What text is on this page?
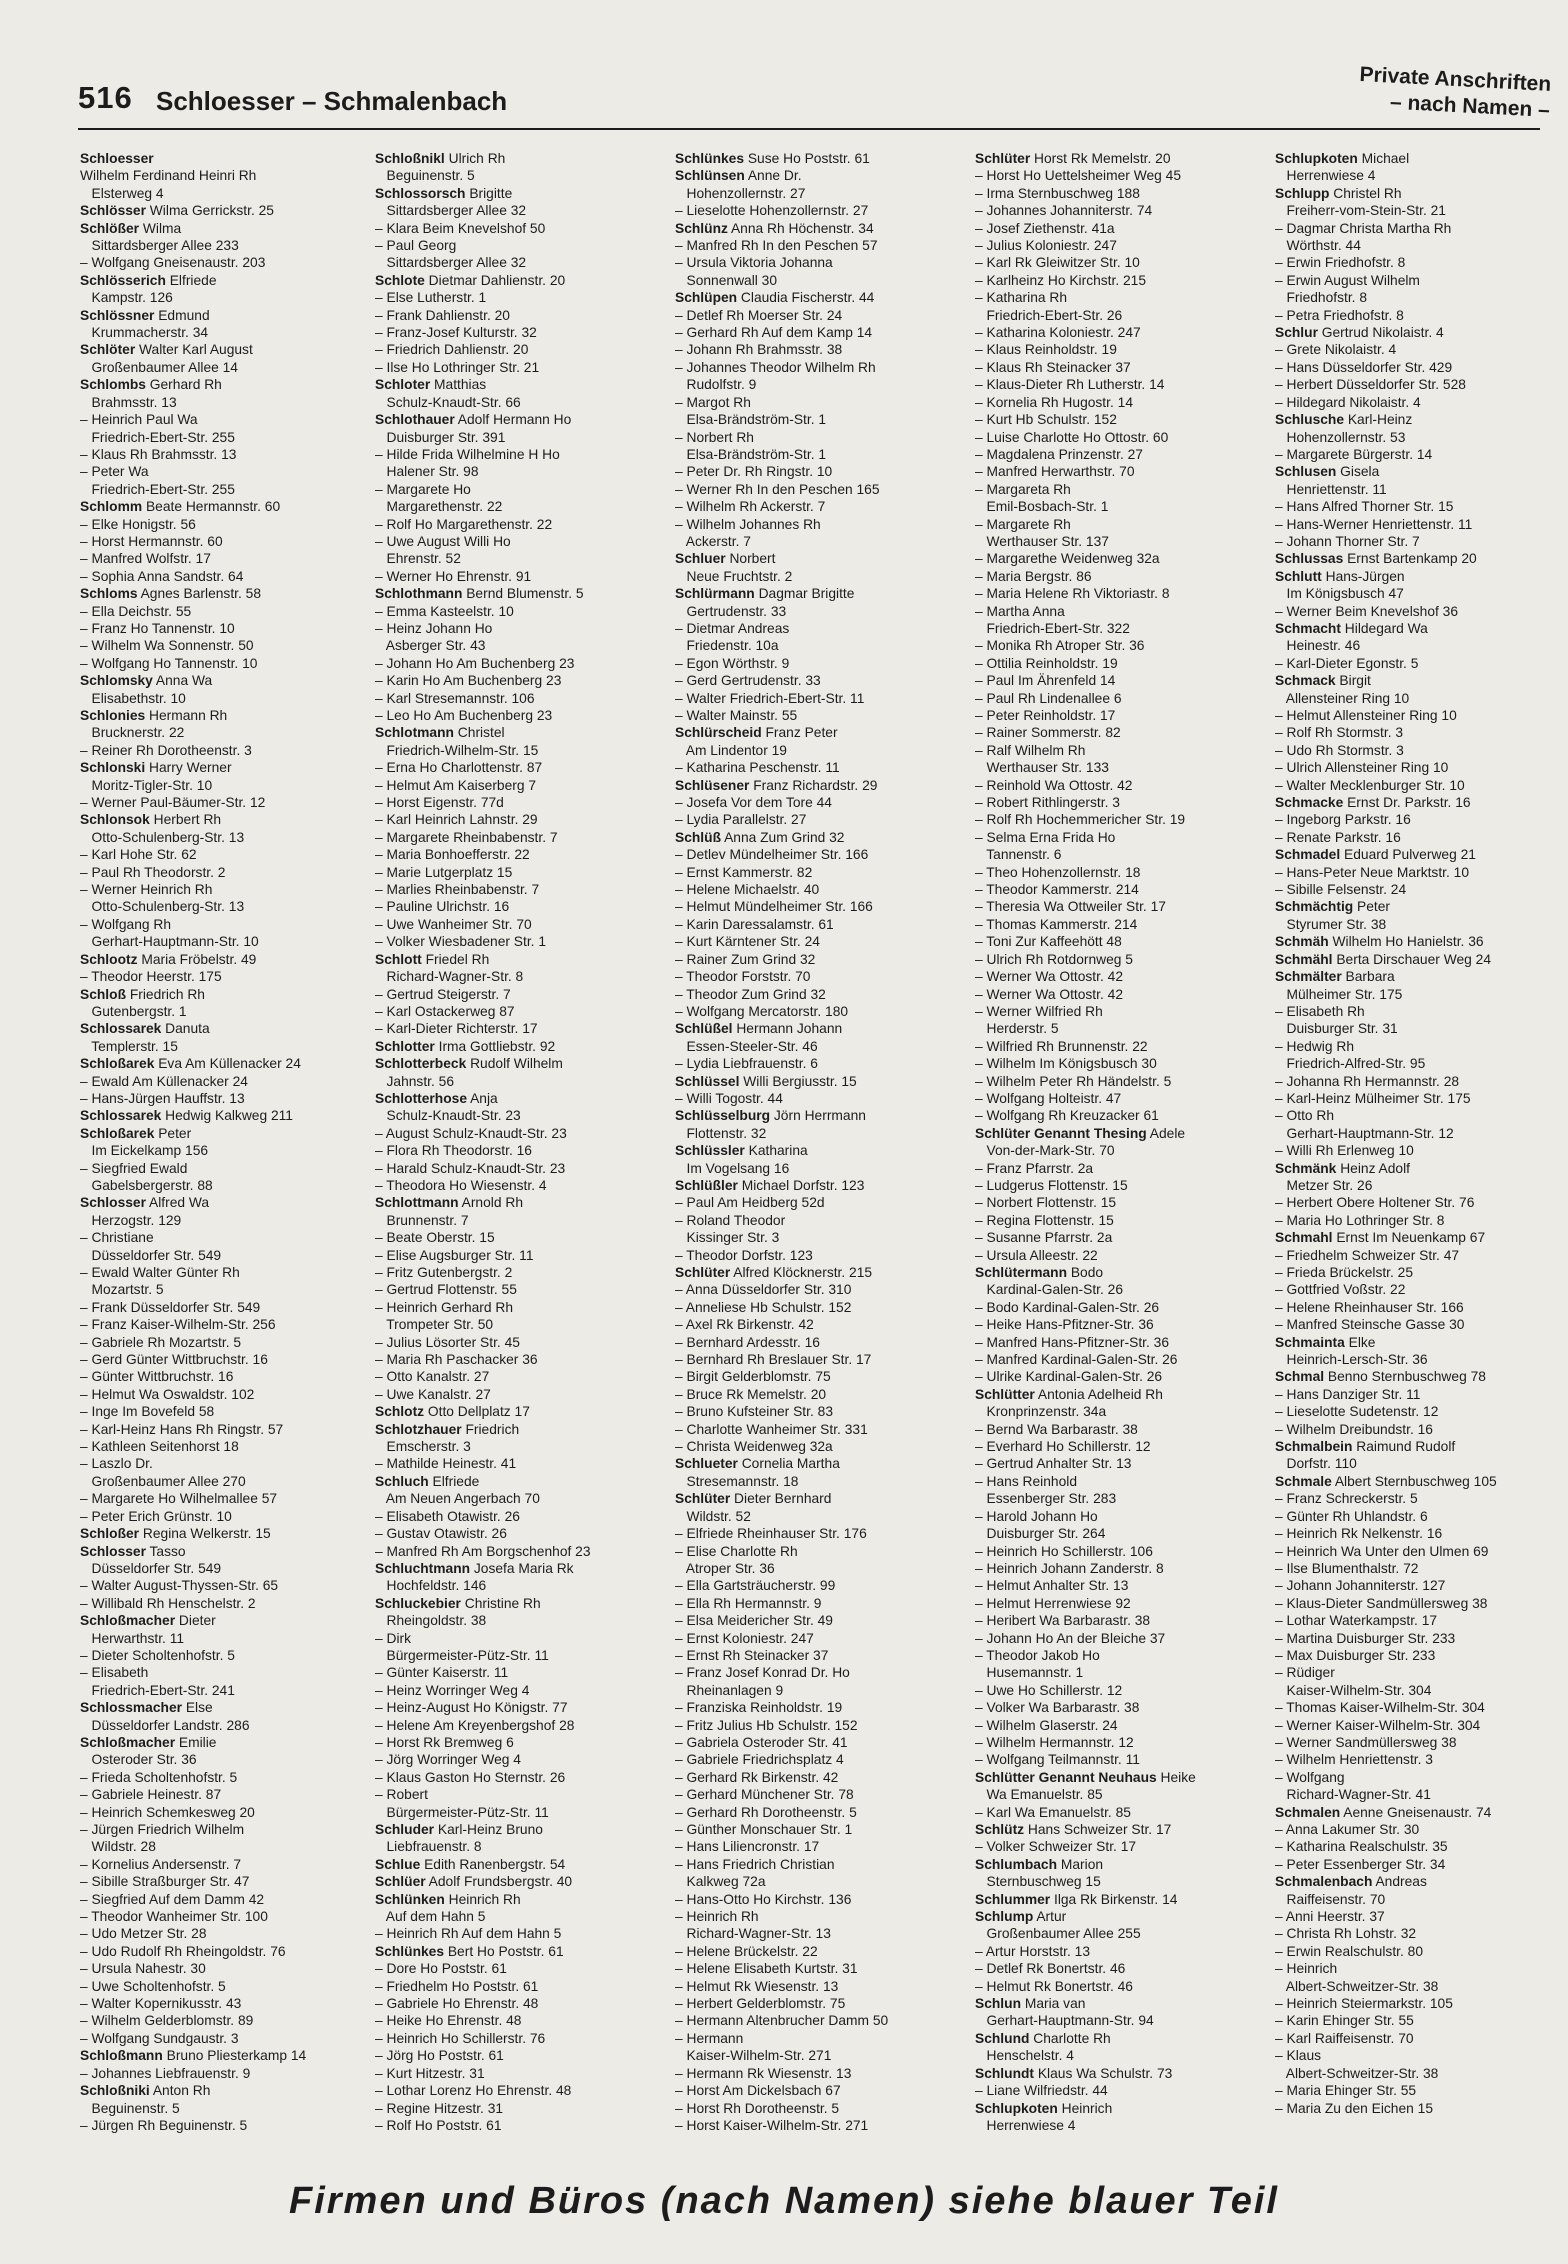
516 Schloesser – Schmalenbach
Private Anschriften
– nach Namen –
Schloesser
Wilhelm Ferdinand Heinri Rh
Elsterweg 4
Schlösser Wilma Gerrickstr. 25
Schlößer Wilma
Sittardsberger Allee 233
– Wolfgang Gneisenaustr. 203
Schlösserich Elfriede
Kampstr. 126
Schlössner Edmund
Krummacherstr. 34
Schlöter Walter Karl August
Großenbaumer Allee 14
Schlombs Gerhard Rh
Brahmsstr. 13
– Heinrich Paul Wa
Friedrich-Ebert-Str. 255
– Klaus Rh Brahmsstr. 13
– Peter Wa
Friedrich-Ebert-Str. 255
Schlomm Beate Hermannstr. 60
– Elke Honigstr. 56
– Horst Hermannstr. 60
– Manfred Wolfstr. 17
– Sophia Anna Sandstr. 64
Schloms Agnes Barlenstr. 58
– Ella Deichstr. 55
– Franz Ho Tannenstr. 10
– Wilhelm Wa Sonnenstr. 50
– Wolfgang Ho Tannenstr. 10
Schlomsky Anna Wa
Elisabethstr. 10
Schlonies Hermann Rh
Brucknerstr. 22
– Reiner Rh Dorotheenstr. 3
Schlonski Harry Werner
Moritz-Tigler-Str. 10
– Werner Paul-Bäumer-Str. 12
Schlonsok Herbert Rh
Otto-Schulenberg-Str. 13
– Karl Hohe Str. 62
– Paul Rh Theodorstr. 2
– Werner Heinrich Rh
Otto-Schulenberg-Str. 13
– Wolfgang Rh
Gerhart-Hauptmann-Str. 10
Schlootz Maria Fröbelstr. 49
– Theodor Heerstr. 175
Schloß Friedrich Rh
Gutenbergstr. 1
Schlossarek Danuta
Templerstr. 15
Schloßarek Eva Am Küllenacker 24
– Ewald Am Küllenacker 24
– Hans-Jürgen Hauffstr. 13
Schlossarek Hedwig Kalkweg 211
Schloßarek Peter
Im Eickelkamp 156
– Siegfried Ewald
Gabelsbergerstr. 88
Schlosser Alfred Wa
Herzogstr. 129
– Christiane
Düsseldorfer Str. 549
– Ewald Walter Günter Rh
Mozartstr. 5
– Frank Düsseldorfer Str. 549
– Franz Kaiser-Wilhelm-Str. 256
– Gabriele Rh Mozartstr. 5
– Gerd Günter Wittbruchstr. 16
– Günter Wittbruchstr. 16
– Helmut Wa Oswaldstr. 102
– Inge Im Bovefeld 58
– Karl-Heinz Hans Rh Ringstr. 57
– Kathleen Seitenhorst 18
– Laszlo Dr.
Großenbaumer Allee 270
– Margarete Ho Wilhelmallee 57
– Peter Erich Grünstr. 10
Schloßer Regina Welkerstr. 15
Schlosser Tasso
Düsseldorfer Str. 549
– Walter August-Thyssen-Str. 65
– Willibald Rh Henschelstr. 2
Schloßmacher Dieter
Herwarthstr. 11
– Dieter Scholtenhofstr. 5
– Elisabeth
Friedrich-Ebert-Str. 241
Schlossmacher Else
Düsseldorfer Landstr. 286
Schloßmacher Emilie
Osteroder Str. 36
– Frieda Scholtenhofstr. 5
– Gabriele Heinestr. 87
– Heinrich Schemkesweg 20
– Jürgen Friedrich Wilhelm
Wildstr. 28
– Kornelius Andersenstr. 7
– Sibille Straßburger Str. 47
– Siegfried Auf dem Damm 42
– Theodor Wanheimer Str. 100
– Udo Metzer Str. 28
– Udo Rudolf Rh Rheingoldstr. 76
– Ursula Nahestr. 30
– Uwe Scholtenhofstr. 5
– Walter Kopernikusstr. 43
– Wilhelm Gelderblomstr. 89
– Wolfgang Sundgaustr. 3
Schloßmann Bruno Pliesterkamp 14
– Johannes Liebfrauenstr. 9
Schloßniki Anton Rh
Beguinenstr. 5
– Jürgen Rh Beguinenstr. 5
Schloßnikl Ulrich Rh
Beguinenstr. 5
Schlossorsch Brigitte
Sittardsberger Allee 32
– Klara Beim Knevelshof 50
– Paul Georg
Sittardsberger Allee 32
Schlote Dietmar Dahlienstr. 20
– Else Lutherstr. 1
– Frank Dahlienstr. 20
– Franz-Josef Kulturstr. 32
– Friedrich Dahlienstr. 20
– Ilse Ho Lothringer Str. 21
Schloter Matthias
Schulz-Knaudt-Str. 66
Schlothauer Adolf Hermann Ho
Duisburger Str. 391
– Hilde Frida Wilhelmine H Ho
Halener Str. 98
– Margarete Ho
Margarethenstr. 22
– Rolf Ho Margarethenstr. 22
– Uwe August Willi Ho
Ehrenstr. 52
– Werner Ho Ehrenstr. 91
Schlothmann Bernd Blumenstr. 5
– Emma Kasteelstr. 10
– Heinz Johann Ho
Asberger Str. 43
– Johann Ho Am Buchenberg 23
– Karin Ho Am Buchenberg 23
– Karl Stresemannstr. 106
– Leo Ho Am Buchenberg 23
Schlotmann Christel
Friedrich-Wilhelm-Str. 15
– Erna Ho Charlottenstr. 87
– Helmut Am Kaiserberg 7
– Horst Eigenstr. 77d
– Karl Heinrich Lahnstr. 29
– Margarete Rheinbabenstr. 7
– Maria Bonhoefferstr. 22
– Marie Lutgerplatz 15
– Marlies Rheinbabenstr. 7
– Pauline Ulrichstr. 16
– Uwe Wanheimer Str. 70
– Volker Wiesbadener Str. 1
Schlott Friedel Rh
Richard-Wagner-Str. 8
– Gertrud Steigerstr. 7
– Karl Ostackerweg 87
– Karl-Dieter Richterstr. 17
Schlotter Irma Gottliebstr. 92
Schlotterbeck Rudolf Wilhelm
Jahnstr. 56
Schlotterhose Anja
Schulz-Knaudt-Str. 23
– August Schulz-Knaudt-Str. 23
– Flora Rh Theodorstr. 16
– Harald Schulz-Knaudt-Str. 23
– Theodora Ho Wiesenstr. 4
Schlottmann Arnold Rh
Brunnenstr. 7
– Beate Oberstr. 15
– Elise Augsburger Str. 11
– Fritz Gutenbergstr. 2
– Gertrud Flottenstr. 55
– Heinrich Gerhard Rh
Trompeter Str. 50
– Julius Lösorter Str. 45
– Maria Rh Paschacker 36
– Otto Kanalstr. 27
– Uwe Kanalstr. 27
Schlotz Otto Dellplatz 17
Schlotzhauer Friedrich
Emscherstr. 3
– Mathilde Heinestr. 41
Schluch Elfriede
Am Neuen Angerbach 70
– Elisabeth Otawistr. 26
– Gustav Otawistr. 26
– Manfred Rh Am Borgschenhof 23
Schluchtmann Josefa Maria Rk
Hochfeldstr. 146
Schluckebier Christine Rh
Rheingoldstr. 38
– Dirk
Bürgermeister-Pütz-Str. 11
– Günter Kaiserstr. 11
– Heinz Worringer Weg 4
– Heinz-August Ho Königstr. 77
– Helene Am Kreyenbergshof 28
– Horst Rk Bremweg 6
– Jörg Worringer Weg 4
– Klaus Gaston Ho Sternstr. 26
– Robert
Bürgermeister-Pütz-Str. 11
Schluder Karl-Heinz Bruno
Liebfrauenstr. 8
Schlue Edith Ranenbergstr. 54
Schlüer Adolf Frundsbergstr. 40
Schlünken Heinrich Rh
Auf dem Hahn 5
– Heinrich Rh Auf dem Hahn 5
Schlünkes Bert Ho Poststr. 61
– Dore Ho Poststr. 61
– Friedhelm Ho Poststr. 61
– Gabriele Ho Ehrenstr. 48
– Heike Ho Ehrenstr. 48
– Heinrich Ho Schillerstr. 76
– Jörg Ho Poststr. 61
– Kurt Hitzestr. 31
– Lothar Lorenz Ho Ehrenstr. 48
– Regine Hitzestr. 31
– Rolf Ho Poststr. 61
Schlünkes Suse Ho Poststr. 61
Schlünsen Anne Dr.
Hohenzollernstr. 27
– Lieselotte Hohenzollernstr. 27
Schlünz Anna Rh Höchenstr. 34
– Manfred Rh In den Peschen 57
– Ursula Viktoria Johanna
Sonnenwall 30
Schlüpen Claudia Fischerstr. 44
– Detlef Rh Moerser Str. 24
– Gerhard Rh Auf dem Kamp 14
– Johann Rh Brahmsstr. 38
– Johannes Theodor Wilhelm Rh
Rudolfstr. 9
– Margot Rh
Elsa-Brändström-Str. 1
– Norbert Rh
Elsa-Brändström-Str. 1
– Peter Dr. Rh Ringstr. 10
– Werner Rh In den Peschen 165
– Wilhelm Rh Ackerstr. 7
– Wilhelm Johannes Rh
Ackerstr. 7
Schluer Norbert
Neue Fruchtstr. 2
Schlürmann Dagmar Brigitte
Gertrudenstr. 33
– Dietmar Andreas
Friedenstr. 10a
– Egon Wörthstr. 9
– Gerd Gertrudenstr. 33
– Walter Friedrich-Ebert-Str. 11
– Walter Mainstr. 55
Schlürscheid Franz Peter
Am Lindentor 19
– Katharina Peschenstr. 11
Schlüsener Franz Richardstr. 29
– Josefa Vor dem Tore 44
– Lydia Parallelstr. 27
Schlüß Anna Zum Grind 32
– Detlev Mündelheimer Str. 166
– Ernst Kammerstr. 82
– Helene Michaelstr. 40
– Helmut Mündelheimer Str. 166
– Karin Daressalamstr. 61
– Kurt Kärntener Str. 24
– Rainer Zum Grind 32
– Theodor Forststr. 70
– Theodor Zum Grind 32
– Wolfgang Mercatorstr. 180
Schlüßel Hermann Johann
Essen-Steeler-Str. 46
– Lydia Liebfrauenstr. 6
Schlüssel Willi Bergiusstr. 15
– Willi Togostr. 44
Schlüsselburg Jörn Herrmann
Flottenstr. 32
Schlüssler Katharina
Im Vogelsang 16
Schlüßler Michael Dorfstr. 123
– Paul Am Heidberg 52d
– Roland Theodor
Kissinger Str. 3
– Theodor Dorfstr. 123
Schlüter Alfred Klöcknerstr. 215
– Anna Düsseldorfer Str. 310
– Anneliese Hb Schulstr. 152
– Axel Rk Birkenstr. 42
– Bernhard Ardesstr. 16
– Bernhard Rh Breslauer Str. 17
– Birgit Gelderblomstr. 75
– Bruce Rk Memelstr. 20
– Bruno Kufsteiner Str. 83
– Charlotte Wanheimer Str. 331
– Christa Weidenweg 32a
Schlueter Cornelia Martha
Stresemannstr. 18
Schlüter Dieter Bernhard
Wildstr. 52
– Elfriede Rheinhauser Str. 176
– Elise Charlotte Rh
Atroper Str. 36
– Ella Gartsträucherstr. 99
– Ella Rh Hermannstr. 9
– Elsa Meidericher Str. 49
– Ernst Koloniestr. 247
– Ernst Rh Steinacker 37
– Franz Josef Konrad Dr. Ho
Rheinanlagen 9
– Franziska Reinholdstr. 19
– Fritz Julius Hb Schulstr. 152
– Gabriela Osteroder Str. 41
– Gabriele Friedrichsplatz 4
– Gerhard Rk Birkenstr. 42
– Gerhard Münchener Str. 78
– Gerhard Rh Dorotheenstr. 5
– Günther Monschauer Str. 1
– Hans Liliencronstr. 17
– Hans Friedrich Christian
Kalkweg 72a
– Hans-Otto Ho Kirchstr. 136
– Heinrich Rh
Richard-Wagner-Str. 13
– Helene Brückelstr. 22
– Helene Elisabeth Kurtstr. 31
– Helmut Rk Wiesenstr. 13
– Herbert Gelderblomstr. 75
– Hermann Altenbrucher Damm 50
– Hermann
Kaiser-Wilhelm-Str. 271
– Hermann Rk Wiesenstr. 13
– Horst Am Dickelsbach 67
– Horst Rh Dorotheenstr. 5
– Horst Kaiser-Wilhelm-Str. 271
Schlüter Horst Rk Memelstr. 20
– Horst Ho Uettelsheimer Weg 45
– Irma Sternbuschweg 188
– Johannes Johanniterstr. 74
– Josef Ziethenstr. 41a
– Julius Koloniestr. 247
– Karl Rk Gleiwitzer Str. 10
– Karlheinz Ho Kirchstr. 215
– Katharina Rh
Friedrich-Ebert-Str. 26
– Katharina Koloniestr. 247
– Klaus Reinholdstr. 19
– Klaus Rh Steinacker 37
– Klaus-Dieter Rh Lutherstr. 14
– Kornelia Rh Hugostr. 14
– Kurt Hb Schulstr. 152
– Luise Charlotte Ho Ottostr. 60
– Magdalena Prinzenstr. 27
– Manfred Herwarthstr. 70
– Margareta Rh
Emil-Bosbach-Str. 1
– Margarete Rh
Werthauser Str. 137
– Margarethe Weidenweg 32a
– Maria Bergstr. 86
– Maria Helene Rh Viktoriastr. 8
– Martha Anna
Friedrich-Ebert-Str. 322
– Monika Rh Atroper Str. 36
– Ottilia Reinholdstr. 19
– Paul Im Ährenfeld 14
– Paul Rh Lindenallee 6
– Peter Reinholdstr. 17
– Rainer Sommerstr. 82
– Ralf Wilhelm Rh
Werthauser Str. 133
– Reinhold Wa Ottostr. 42
– Robert Rithlingerstr. 3
– Rolf Rh Hochemmericher Str. 19
– Selma Erna Frida Ho
Tannenstr. 6
– Theo Hohenzollernstr. 18
– Theodor Kammerstr. 214
– Theresia Wa Ottweiler Str. 17
– Thomas Kammerstr. 214
– Toni Zur Kaffeehött 48
– Ulrich Rh Rotdornweg 5
– Werner Wa Ottostr. 42
– Werner Wa Ottostr. 42
– Werner Wilfried Rh
Herderstr. 5
– Wilfried Rh Brunnenstr. 22
– Wilhelm Im Königsbusch 30
– Wilhelm Peter Rh Händelstr. 5
– Wolfgang Holteistr. 47
– Wolfgang Rh Kreuzacker 61
Schlüter Genannt Thesing Adele
Von-der-Mark-Str. 70
– Franz Pfarrstr. 2a
– Ludgerus Flottenstr. 15
– Norbert Flottenstr. 15
– Regina Flottenstr. 15
– Susanne Pfarrstr. 2a
– Ursula Alleestr. 22
Schlütermann Bodo
Kardinal-Galen-Str. 26
– Bodo Kardinal-Galen-Str. 26
– Heike Hans-Pfitzner-Str. 36
– Manfred Hans-Pfitzner-Str. 36
– Manfred Kardinal-Galen-Str. 26
– Ulrike Kardinal-Galen-Str. 26
Schlütter Antonia Adelheid Rh
Kronprinzenstr. 34a
– Bernd Wa Barbarastr. 38
– Everhard Ho Schillerstr. 12
– Gertrud Anhalter Str. 13
– Hans Reinhold
Essenberger Str. 283
– Harold Johann Ho
Duisburger Str. 264
– Heinrich Ho Schillerstr. 106
– Heinrich Johann Zanderstr. 8
– Helmut Anhalter Str. 13
– Helmut Herrenwiese 92
– Heribert Wa Barbarastr. 38
– Johann Ho An der Bleiche 37
– Theodor Jakob Ho
Husemannstr. 1
– Uwe Ho Schillerstr. 12
– Volker Wa Barbarastr. 38
– Wilhelm Glaserstr. 24
– Wilhelm Hermannstr. 12
– Wolfgang Teilmannstr. 11
Schlütter Genannt Neuhaus Heike
Wa Emanuelstr. 85
– Karl Wa Emanuelstr. 85
Schlütz Hans Schweizer Str. 17
– Volker Schweizer Str. 17
Schlumbach Marion
Sternbuschweg 15
Schlummer Ilga Rk Birkenstr. 14
Schlump Artur
Großenbaumer Allee 255
– Artur Horststr. 13
– Detlef Rk Bonertstr. 46
– Helmut Rk Bonertstr. 46
Schlun Maria van
Gerhart-Hauptmann-Str. 94
Schlund Charlotte Rh
Henschelstr. 4
Schlundt Klaus Wa Schulstr. 73
– Liane Wilfriedstr. 44
Schlupkoten Heinrich
Herrenwiese 4
Schlupkoten Michael
Herrenwiese 4
Schlupp Christel Rh
Freiherr-vom-Stein-Str. 21
– Dagmar Christa Martha Rh
Wörthstr. 44
– Erwin Friedhofstr. 8
– Erwin August Wilhelm
Friedhofstr. 8
– Petra Friedhofstr. 8
Schlur Gertrud Nikolaistr. 4
– Grete Nikolaistr. 4
– Hans Düsseldorfer Str. 429
– Herbert Düsseldorfer Str. 528
– Hildegard Nikolaistr. 4
Schlusche Karl-Heinz
Hohenzollernstr. 53
– Margarete Bürgerstr. 14
Schlusen Gisela
Henriettenstr. 11
– Hans Alfred Thorner Str. 15
– Hans-Werner Henriettenstr. 11
– Johann Thorner Str. 7
Schlussas Ernst Bartenkamp 20
Schlutt Hans-Jürgen
Im Königsbusch 47
– Werner Beim Knevelshof 36
Schmacht Hildegard Wa
Heinestr. 46
– Karl-Dieter Egonstr. 5
Schmack Birgit
Allensteiner Ring 10
– Helmut Allensteiner Ring 10
– Rolf Rh Stormstr. 3
– Udo Rh Stormstr. 3
– Ulrich Allensteiner Ring 10
– Walter Mecklenburger Str. 10
Schmacke Ernst Dr. Parkstr. 16
– Ingeborg Parkstr. 16
– Renate Parkstr. 16
Schmadel Eduard Pulverweg 21
– Hans-Peter Neue Marktstr. 10
– Sibille Felsenstr. 24
Schmächtig Peter
Styrumer Str. 38
Schmäh Wilhelm Ho Hanielstr. 36
Schmähl Berta Dirschauer Weg 24
Schmälter Barbara
Mülheimer Str. 175
– Elisabeth Rh
Duisburger Str. 31
– Hedwig Rh
Friedrich-Alfred-Str. 95
– Johanna Rh Hermannstr. 28
– Karl-Heinz Mülheimer Str. 175
– Otto Rh
Gerhart-Hauptmann-Str. 12
– Willi Rh Erlenweg 10
Schmänk Heinz Adolf
Metzer Str. 26
– Herbert Obere Holtener Str. 76
– Maria Ho Lothringer Str. 8
Schmahl Ernst Im Neuenkamp 67
– Friedhelm Schweizer Str. 47
– Frieda Brückelstr. 25
– Gottfried Voßstr. 22
– Helene Rheinhauser Str. 166
– Manfred Steinsche Gasse 30
Schmainta Elke
Heinrich-Lersch-Str. 36
Schmal Benno Sternbuschweg 78
– Hans Danziger Str. 11
– Lieselotte Sudetenstr. 12
– Wilhelm Dreibundstr. 16
Schmalbein Raimund Rudolf
Dorfstr. 110
Schmale Albert Sternbuschweg 105
– Franz Schreckerstr. 5
– Günter Rh Uhlandstr. 6
– Heinrich Rk Nelkenstr. 16
– Heinrich Wa Unter den Ulmen 69
– Ilse Blumenthalstr. 72
– Johann Johanniterstr. 127
– Klaus-Dieter Sandmüllersweg 38
– Lothar Waterkampstr. 17
– Martina Duisburger Str. 233
– Max Duisburger Str. 233
– Rüdiger
Kaiser-Wilhelm-Str. 304
– Thomas Kaiser-Wilhelm-Str. 304
– Werner Kaiser-Wilhelm-Str. 304
– Werner Sandmüllersweg 38
– Wilhelm Henriettenstr. 3
– Wolfgang
Richard-Wagner-Str. 41
Schmalen Aenne Gneisenaustr. 74
– Anna Lakumer Str. 30
– Katharina Realschulstr. 35
– Peter Essenberger Str. 34
Schmalenbach Andreas
Raiffeisenstr. 70
– Anni Heerstr. 37
– Christa Rh Lohstr. 32
– Erwin Realschulstr. 80
– Heinrich
Albert-Schweitzer-Str. 38
– Heinrich Steiermarkstr. 105
– Karin Ehinger Str. 55
– Karl Raiffeisenstr. 70
– Klaus
Albert-Schweitzer-Str. 38
– Maria Ehinger Str. 55
– Maria Zu den Eichen 15
Firmen und Büros (nach Namen) siehe blauer Teil
